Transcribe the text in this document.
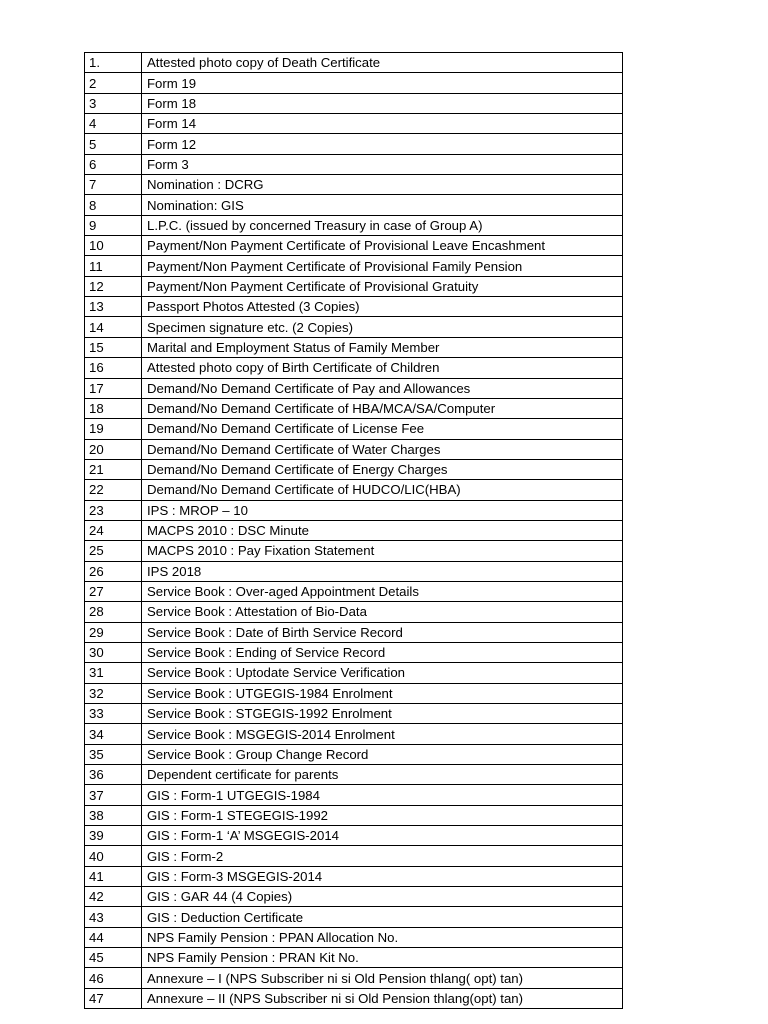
1.	Attested photo copy of Death Certificate
2	Form 19
3	Form 18
4	Form 14
5	Form 12
6	Form 3
7	Nomination : DCRG
8	Nomination: GIS
9	L.P.C. (issued by concerned Treasury in case of Group A)
10	Payment/Non Payment Certificate of Provisional Leave Encashment
11	Payment/Non Payment Certificate of Provisional Family Pension
12	Payment/Non Payment Certificate of Provisional Gratuity
13	Passport Photos Attested (3 Copies)
14	Specimen signature etc. (2 Copies)
15	Marital and Employment Status of Family Member
16	Attested photo copy of Birth Certificate of Children
17	Demand/No Demand Certificate of Pay and Allowances
18	Demand/No Demand Certificate of HBA/MCA/SA/Computer
19	Demand/No Demand Certificate of License Fee
20	Demand/No Demand Certificate of Water Charges
21	Demand/No Demand Certificate of Energy Charges
22	Demand/No Demand Certificate of HUDCO/LIC(HBA)
23	IPS : MROP – 10
24	MACPS 2010 : DSC Minute
25	MACPS 2010 : Pay Fixation Statement
26	IPS 2018
27	Service Book : Over-aged Appointment Details
28	Service Book : Attestation of Bio-Data
29	Service Book : Date of Birth Service Record
30	Service Book : Ending of Service Record
31	Service Book : Uptodate Service Verification
32	Service Book : UTGEGIS-1984 Enrolment
33	Service Book : STGEGIS-1992 Enrolment
34	Service Book : MSGEGIS-2014 Enrolment
35	Service Book : Group Change Record
36	Dependent certificate for parents
37	GIS : Form-1 UTGEGIS-1984
38	GIS : Form-1 STEGEGIS-1992
39	GIS : Form-1 ‘A’ MSGEGIS-2014
40	GIS : Form-2
41	GIS : Form-3 MSGEGIS-2014
42	GIS : GAR 44 (4 Copies)
43	GIS : Deduction Certificate
44	NPS Family Pension : PPAN Allocation No.
45	NPS Family Pension : PRAN Kit No.
46	Annexure – I (NPS Subscriber ni si Old Pension thlang( opt) tan)
47	Annexure – II (NPS Subscriber ni si Old Pension thlang(opt) tan)
